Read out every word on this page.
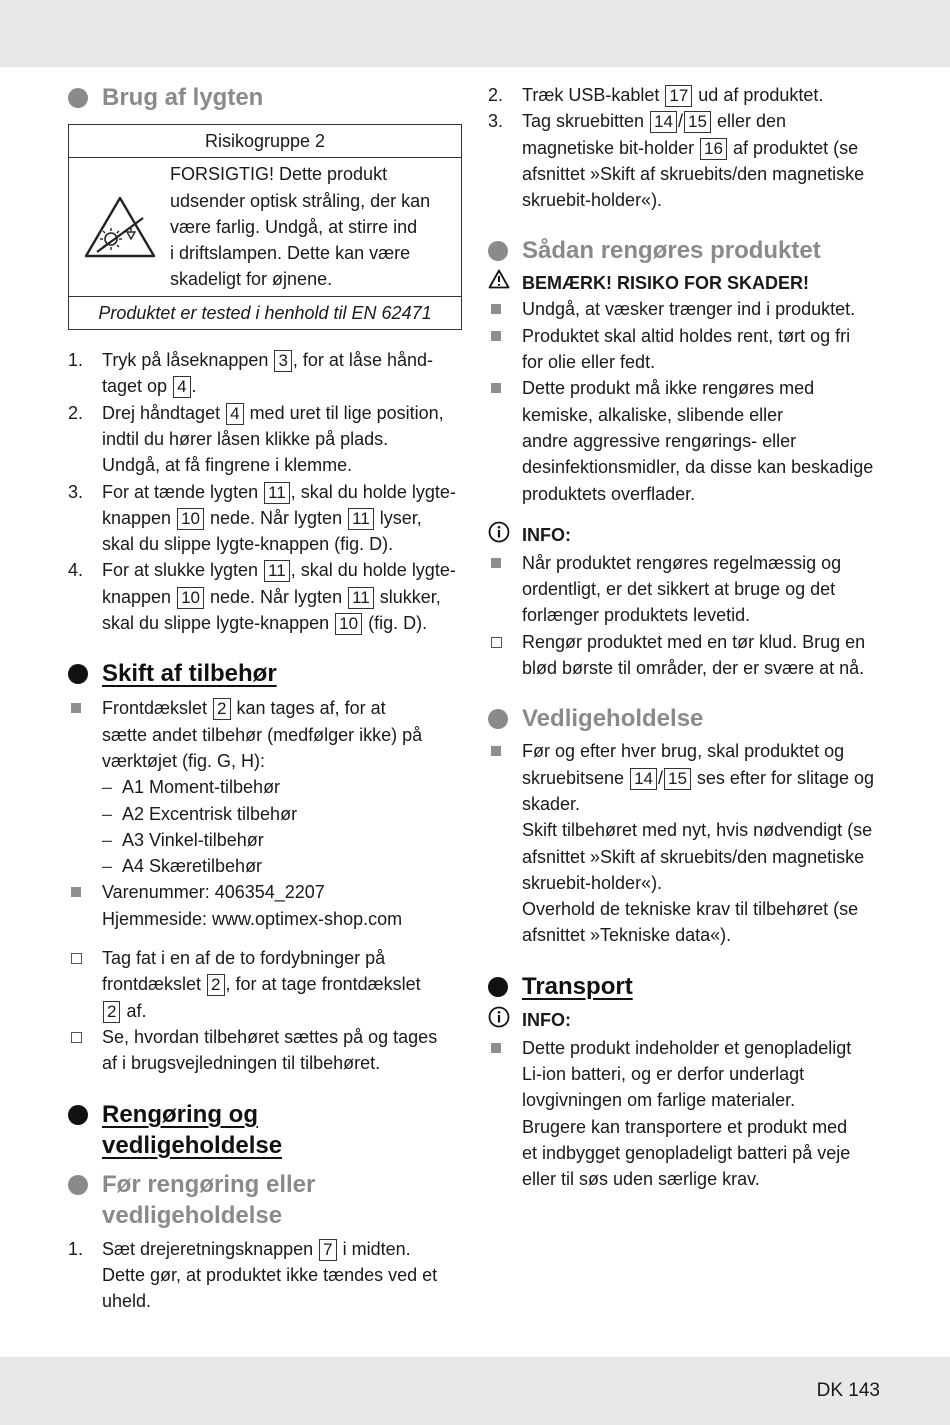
Brug af lygten
Risikogruppe 2

FORSIGTIG! Dette produkt
udsender optisk stråling, der kan
være farlig. Undgå, at stirre ind
i driftslampen. Dette kan være
skadeligt for øjnene.

Produktet er tested i henhold til EN 62471
1.	Tryk på låseknappen 3 , for at låse hånd-
taget op 4 .
2.	Drej håndtaget 4 med uret til lige position,
indtil du hører låsen klikke på plads.
Undgå, at få fingrene i klemme.
3.	For at tænde lygten 11 , skal du holde lygte-
knappen 10 nede. Når lygten 11 lyser,
skal du slippe lygte-knappen (fig. D).
4.	For at slukke lygten 11 , skal du holde lygte-
knappen 10 nede. Når lygten 11 slukker,
skal du slippe lygte-knappen 10 (fig. D).
Skift af tilbehør
Frontdækslet 2 kan tages af, for at
sætte andet tilbehør (medfølger ikke) på
værktøjet (fig. G, H):
– A1 Moment-tilbehør
– A2 Excentrisk tilbehør
– A3 Vinkel-tilbehør
– A4 Skæretilbehør
Varenummer: 406354_2207
Hjemmeside: www.optimex-shop.com
Tag fat i en af de to fordybninger på
frontdækslet 2 , for at tage frontdækslet
2 af.
Se, hvordan tilbehøret sættes på og tages
af i brugsvejledningen til tilbehøret.
Rengøring og
vedligeholdelse
Før rengøring eller
vedligeholdelse
1.	Sæt drejeretningsknappen 7 i midten.
Dette gør, at produktet ikke tændes ved et
uheld.
2.	Træk USB-kablet 17 ud af produktet.
3.	Tag skruebitten 14 / 15 eller den
magnetiske bit-holder 16 af produktet (se
afsnittet »Skift af skruebits/den magnetiske
skruebit-holder«).
Sådan rengøres produktet
BEMÆRK! RISIKO FOR SKADER!
Undgå, at væsker trænger ind i produktet.
Produktet skal altid holdes rent, tørt og fri
for olie eller fedt.
Dette produkt må ikke rengøres med
kemiske, alkaliske, slibende eller
andre aggressive rengørings- eller
desinfektionsmidler, da disse kan beskadige
produktets overflader.
INFO:
Når produktet rengøres regelmæssig og
ordentligt, er det sikkert at bruge og det
forlænger produktets levetid.
Rengør produktet med en tør klud. Brug en
blød børste til områder, der er svære at nå.
Vedligeholdelse
Før og efter hver brug, skal produktet og
skruebitsene 14 / 15 ses efter for slitage og
skader.
Skift tilbehøret med nyt, hvis nødvendigt (se
afsnittet »Skift af skruebits/den magnetiske
skruebit-holder«).
Overhold de tekniske krav til tilbehøret (se
afsnittet »Tekniske data«).
Transport
INFO:
Dette produkt indeholder et genopladeligt
Li-ion batteri, og er derfor underlagt
lovgivningen om farlige materialer.
Brugere kan transportere et produkt med
et indbygget genopladeligt batteri på veje
eller til søs uden særlige krav.
DK 143
